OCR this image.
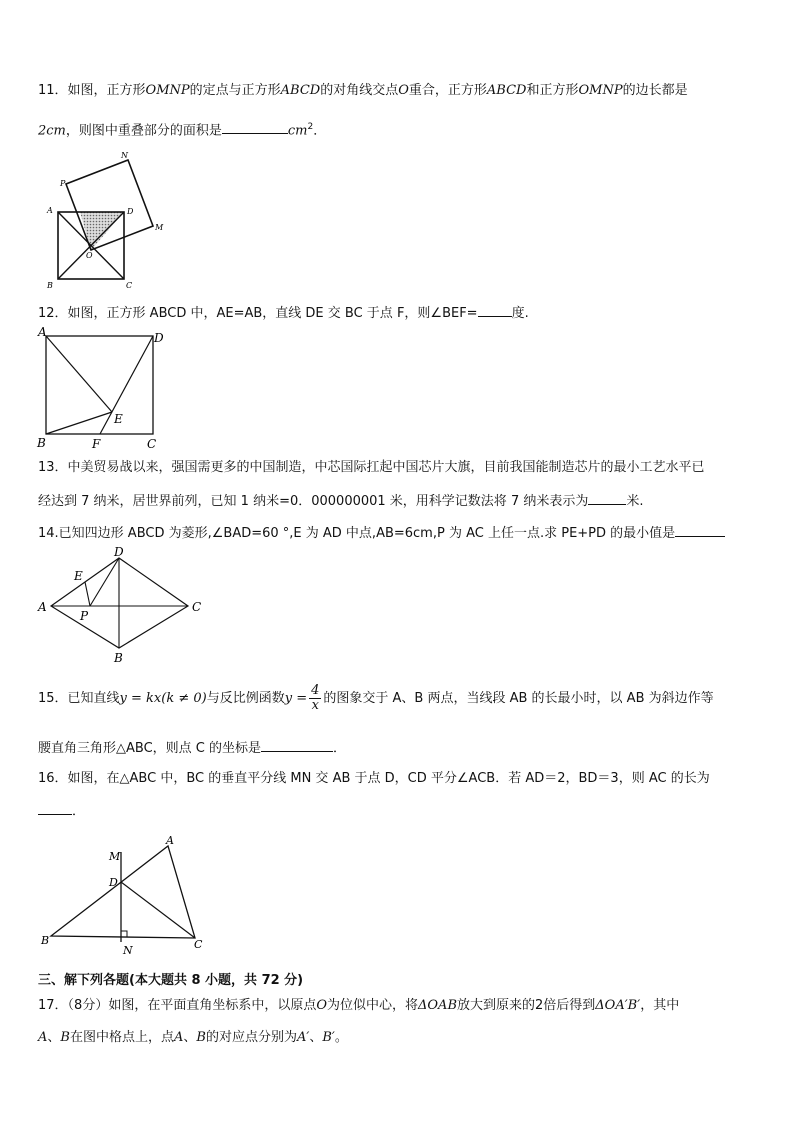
11．如图，正方形OMNP的定点与正方形ABCD的对角线交点O重合，正方形ABCD和正方形OMNP的边长都是
2cm，则图中重叠部分的面积是	$cm^2$．
P
N
A	D
M
O
B	C
12．如图，正方形 ABCD 中，AE=AB，直线 DE 交 BC 于点 F，则∠BEF=	度.
A	D
E
B	F	C
13．中美贸易战以来，强国需更多的中国制造，中芯国际扛起中国芯片大旗，目前我国能制造芯片的最小工艺水平已
经达到 7 纳米，居世界前列，已知 1 纳米=0．000000001 米，用科学记数法将 7 纳米表示为	米.
14.已知四边形 ABCD 为菱形,∠BAD=60 °,E 为 AD 中点,AB=6cm,P 为 AC 上任一点.求 PE+PD 的最小值是
D
E
A
P
C
B
15．已知直线y = kx(k ≠ 0)与反比例函数$y = \frac{4}{x}$ 的图象交于 A、B 两点，当线段 AB 的长最小时，以 AB 为斜边作等
腰直角三角形△ABC，则点 C 的坐标是	．
16．如图，在△ABC 中，BC 的垂直平分线 MN 交 AB 于点 D，CD 平分∠ACB．若 AD＝2，BD＝3，则 AC 的长为
．
M
A
D
B
N	C
三、解下列各题(本大题共 8 小题，共 72 分)
17．（8分）如图，在平面直角坐标系中，以原点O为位似中心，将ΔOAB放大到原来的2倍后得到ΔOA′B′，其中
A、B在图中格点上，点A、B的对应点分别为A′、B′。
